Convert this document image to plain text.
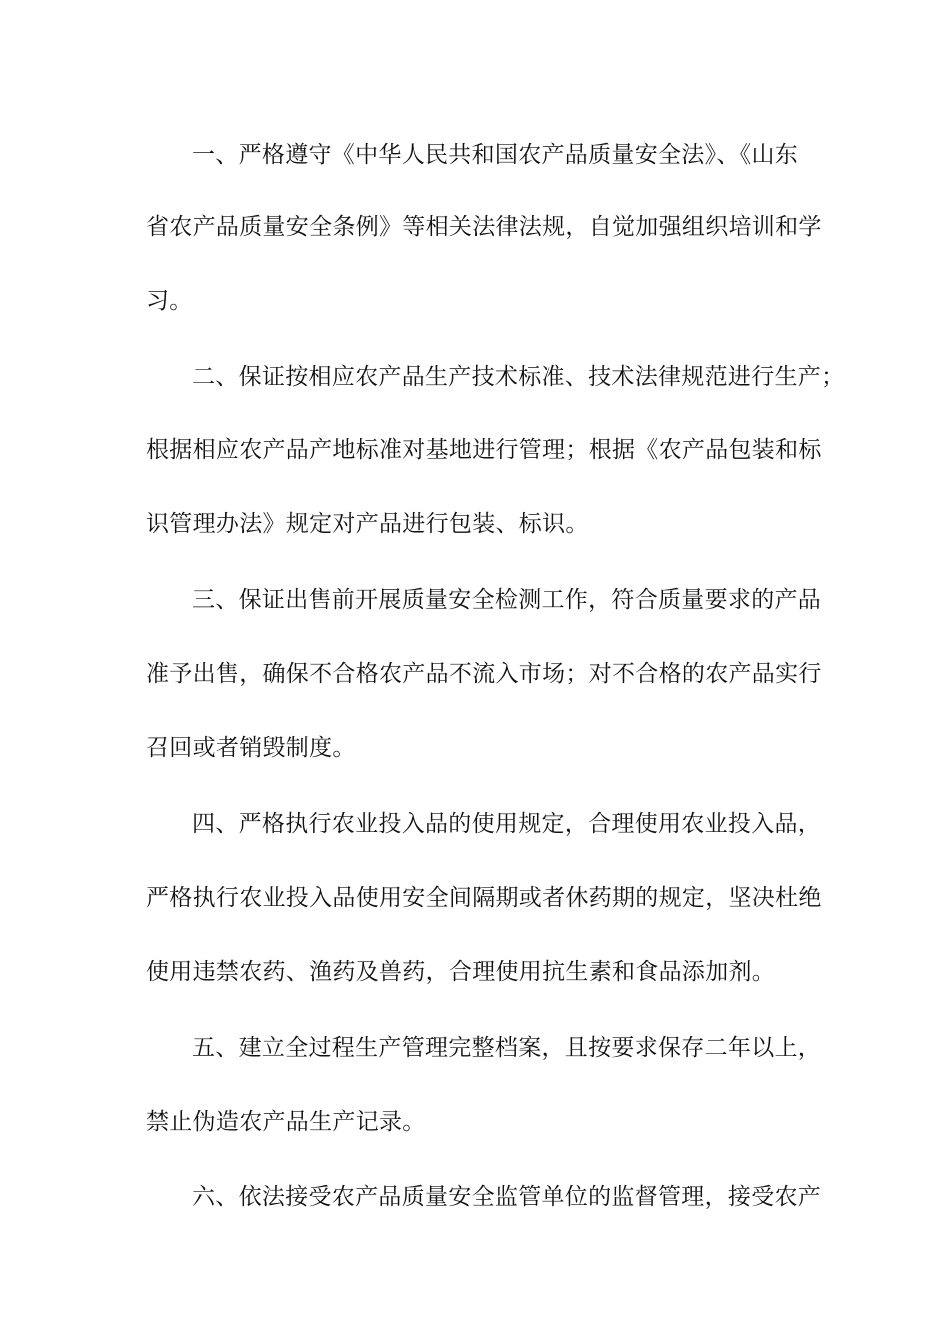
一、严格遵守《中华人民共和国农产品质量安全法》、《山东
省农产品质量安全条例》等相关法律法规，自觉加强组织培训和学
习。
二、保证按相应农产品生产技术标准、技术法律规范进行生产；
根据相应农产品产地标准对基地进行管理；根据《农产品包装和标
识管理办法》规定对产品进行包装、标识。
三、保证出售前开展质量安全检测工作，符合质量要求的产品
准予出售，确保不合格农产品不流入市场；对不合格的农产品实行
召回或者销毁制度。
四、严格执行农业投入品的使用规定，合理使用农业投入品，
严格执行农业投入品使用安全间隔期或者休药期的规定，坚决杜绝
使用违禁农药、渔药及兽药，合理使用抗生素和食品添加剂。
五、建立全过程生产管理完整档案，且按要求保存二年以上，
禁止伪造农产品生产记录。
六、依法接受农产品质量安全监管单位的监督管理，接受农产
